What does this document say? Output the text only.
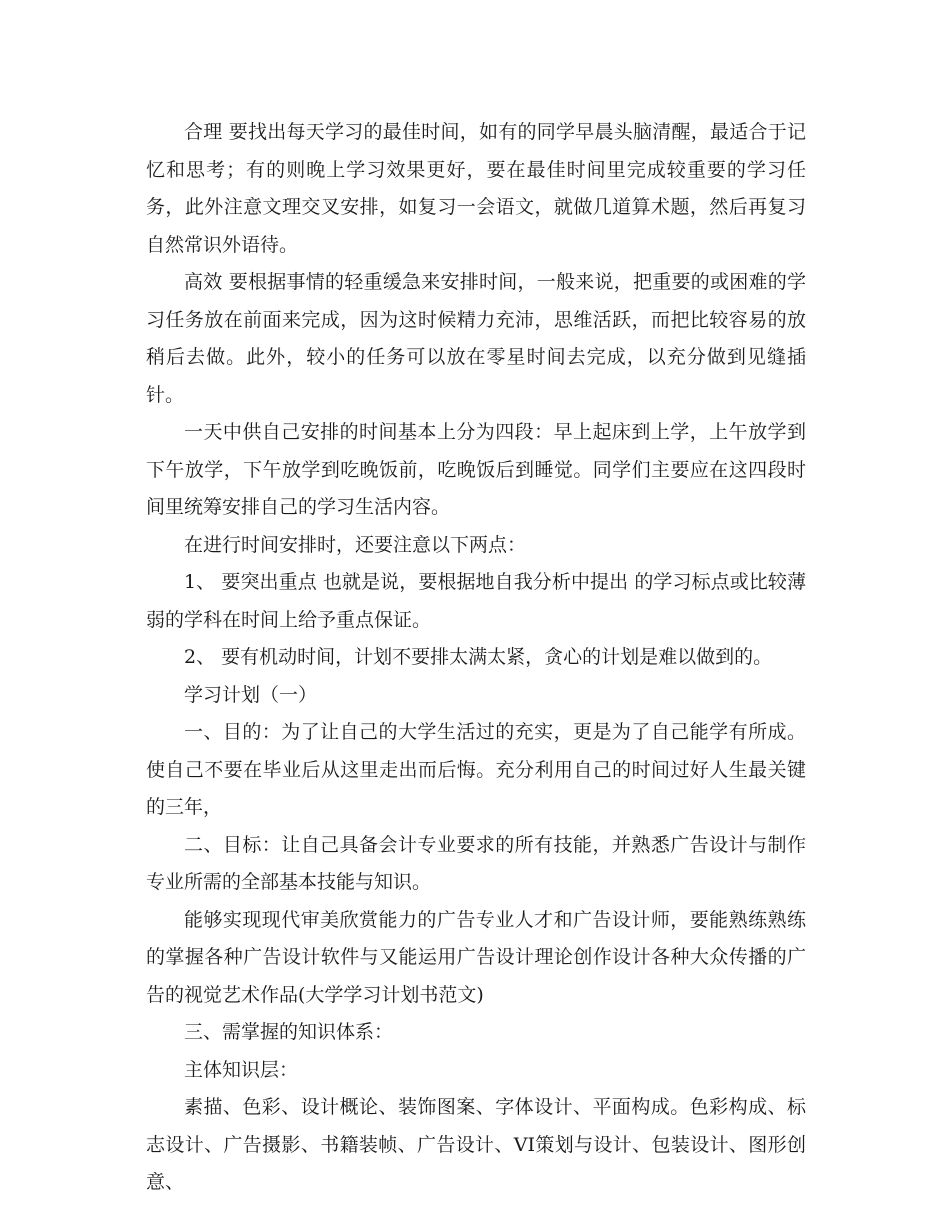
合理 要找出每天学习的最佳时间，如有的同学早晨头脑清醒，最适合于记忆和思考；有的则晚上学习效果更好，要在最佳时间里完成较重要的学习任务，此外注意文理交叉安排，如复习一会语文，就做几道算术题，然后再复习自然常识外语待。

高效 要根据事情的轻重缓急来安排时间，一般来说，把重要的或困难的学习任务放在前面来完成，因为这时候精力充沛，思维活跃，而把比较容易的放稍后去做。此外，较小的任务可以放在零星时间去完成，以充分做到见缝插针。

一天中供自己安排的时间基本上分为四段：早上起床到上学，上午放学到下午放学，下午放学到吃晚饭前，吃晚饭后到睡觉。同学们主要应在这四段时间里统筹安排自己的学习生活内容。

在进行时间安排时，还要注意以下两点：

1、 要突出重点 也就是说，要根据地自我分析中提出 的学习标点或比较薄弱的学科在时间上给予重点保证。

2、 要有机动时间，计划不要排太满太紧，贪心的计划是难以做到的。

学习计划（一）

一、目的：为了让自己的大学生活过的充实，更是为了自己能学有所成。使自己不要在毕业后从这里走出而后悔。充分利用自己的时间过好人生最关键的三年，

二、目标：让自己具备会计专业要求的所有技能，并熟悉广告设计与制作专业所需的全部基本技能与知识。

能够实现现代审美欣赏能力的广告专业人才和广告设计师，要能熟练熟练的掌握各种广告设计软件与又能运用广告设计理论创作设计各种大众传播的广告的视觉艺术作品(大学学习计划书范文)

三、需掌握的知识体系：

主体知识层：

素描、色彩、设计概论、装饰图案、字体设计、平面构成。色彩构成、标志设计、广告摄影、书籍装帧、广告设计、VI策划与设计、包装设计、图形创意、
